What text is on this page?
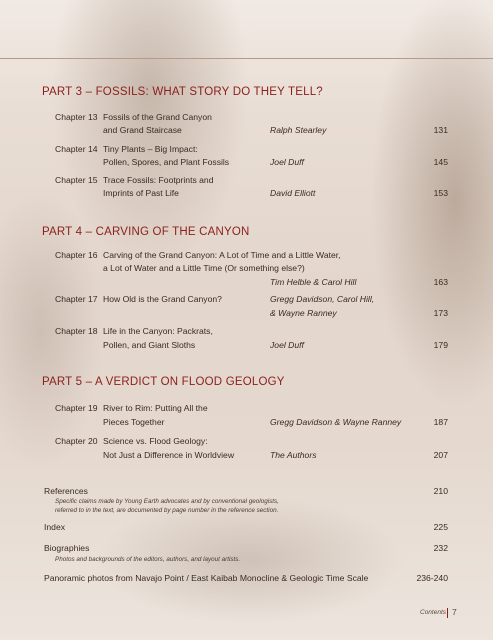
PART 3 – FOSSILS: WHAT STORY DO THEY TELL?
Chapter 13 Fossils of the Grand Canyon
and Grand Staircase	Ralph Stearley	131
Chapter 14 Tiny Plants – Big Impact:
Pollen, Spores, and Plant Fossils	Joel Duff	145
Chapter 15 Trace Fossils: Footprints and
Imprints of Past Life	David Elliott	153
PART 4 – CARVING OF THE CANYON
Chapter 16 Carving of the Grand Canyon: A Lot of Time and a Little Water,
a Lot of Water and a Little Time (Or something else?)
Tim Helble & Carol Hill	163
Chapter 17 How Old is the Grand Canyon?	Gregg Davidson, Carol Hill,
& Wayne Ranney	173
Chapter 18 Life in the Canyon: Packrats,
Pollen, and Giant Sloths	Joel Duff	179
PART 5 – A VERDICT ON FLOOD GEOLOGY
Chapter 19 River to Rim: Putting All the
Pieces Together	Gregg Davidson & Wayne Ranney	187
Chapter 20 Science vs. Flood Geology:
Not Just a Difference in Worldview	The Authors	207
References	210
Specific claims made by Young Earth advocates and by conventional geologists,
referred to in the text, are documented by page number in the reference section.
Index	225
Biographies	232
Photos and backgrounds of the editors, authors, and layout artists.
Panoramic photos from Navajo Point / East Kaibab Monocline & Geologic Time Scale	236-240
Contents 7
